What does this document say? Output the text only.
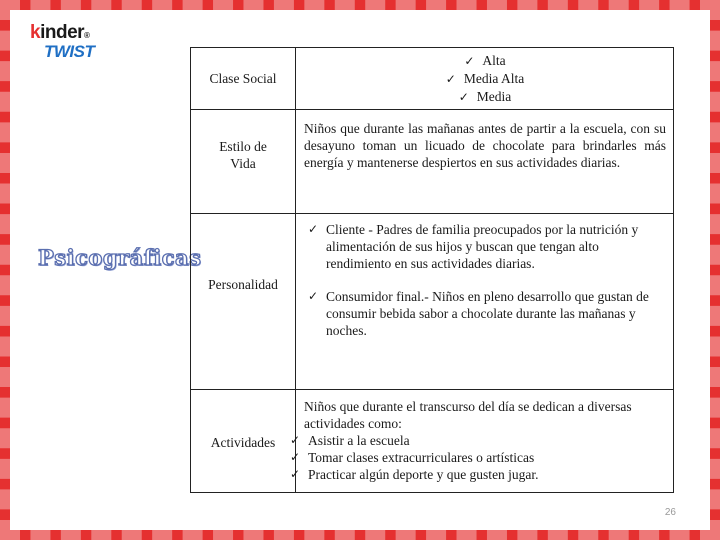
kinder®
TWIST
Psicográficas
Clase Social
Estilo de Vida
Personalidad
Actividades
✓ Alta
✓ Media Alta
✓ Media
Niños que durante las mañanas antes de partir a la escuela, con su desayuno toman un licuado de chocolate para brindarles más energía y mantenerse despiertos en sus actividades diarias.
✓ Cliente - Padres de familia preocupados por la nutrición y alimentación de sus hijos y buscan que tengan alto rendimiento en sus actividades diarias.
✓ Consumidor final.- Niños en pleno desarrollo que gustan de consumir bebida sabor a chocolate durante las mañanas y noches.
Niños que durante el transcurso del día se dedican a diversas actividades como:
✓ Asistir a la escuela
✓ Tomar clases extracurriculares o artísticas
✓ Practicar algún deporte y que gusten jugar.
26
